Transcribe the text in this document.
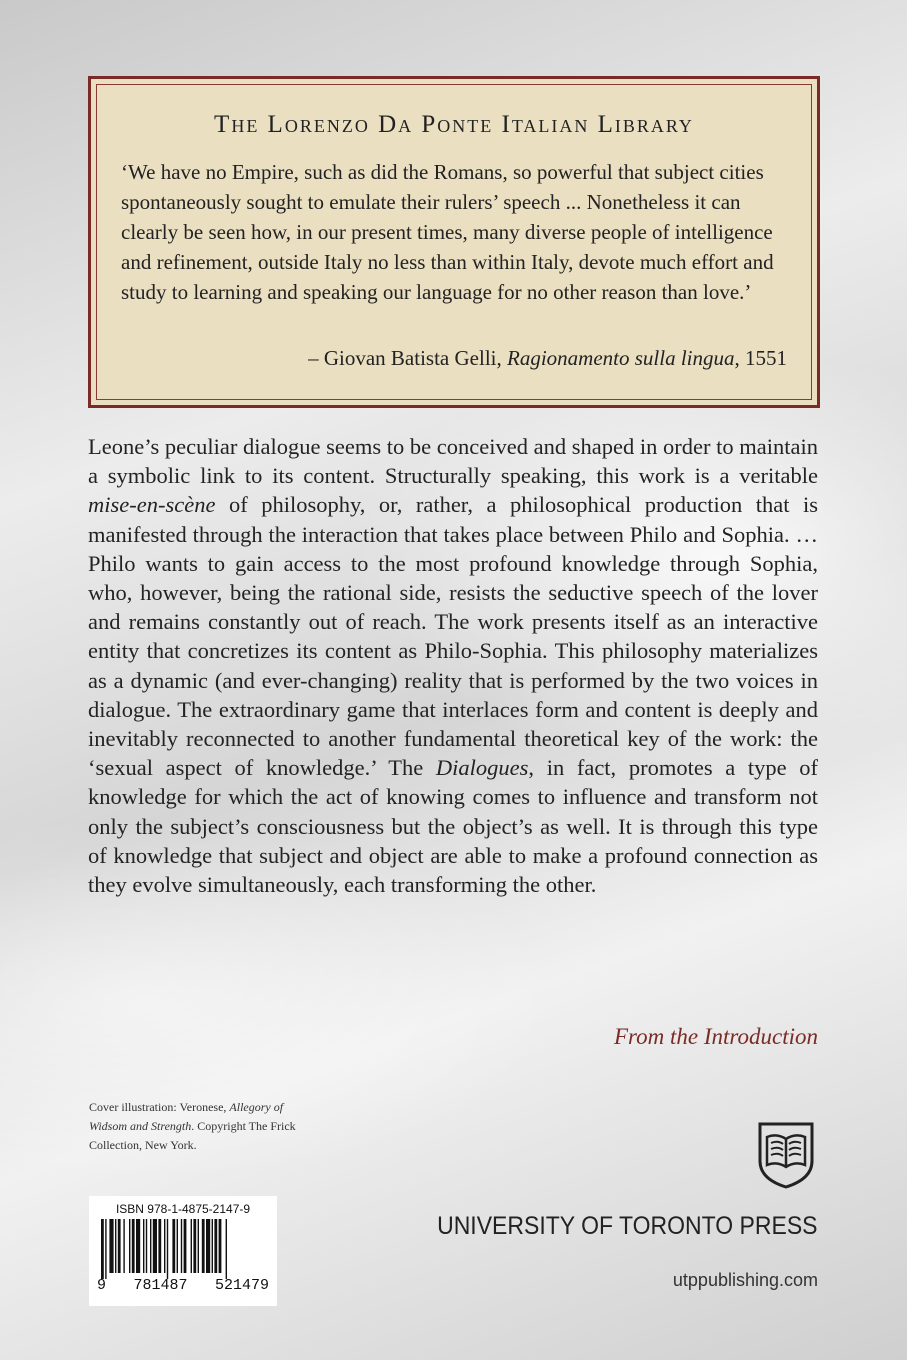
The Lorenzo Da Ponte Italian Library

‘We have no Empire, such as did the Romans, so powerful that subject cities spontaneously sought to emulate their rulers’ speech ... Nonetheless it can clearly be seen how, in our present times, many diverse people of intelligence and refinement, outside Italy no less than within Italy, devote much effort and study to learning and speaking our language for no other reason than love.’

– Giovan Batista Gelli, Ragionamento sulla lingua, 1551

Leone’s peculiar dialogue seems to be conceived and shaped in order to maintain a symbolic link to its content. Structurally speaking, this work is a veritable mise-en-scène of philosophy, or, rather, a philosophical production that is manifested through the interaction that takes place between Philo and Sophia. … Philo wants to gain access to the most profound knowledge through Sophia, who, however, being the rational side, resists the seductive speech of the lover and remains constantly out of reach. The work presents itself as an interactive entity that concretizes its content as Philo-Sophia. This philosophy materializes as a dynamic (and ever-changing) reality that is performed by the two voices in dialogue. The extraordinary game that interlaces form and content is deeply and inevitably reconnected to another fundamental theoretical key of the work: the ‘sexual aspect of knowledge.’ The Dialogues, in fact, promotes a type of knowledge for which the act of knowing comes to influence and transform not only the subject’s consciousness but the object’s as well. It is through this type of knowledge that subject and object are able to make a profound connection as they evolve simultaneously, each transforming the other.

From the Introduction
Cover illustration: Veronese, Allegory of Widsom and Strength. Copyright The Frick Collection, New York.
ISBN 978-1-4875-2147-9
9 781487 521479
UNIVERSITY OF TORONTO PRESS
utppublishing.com
